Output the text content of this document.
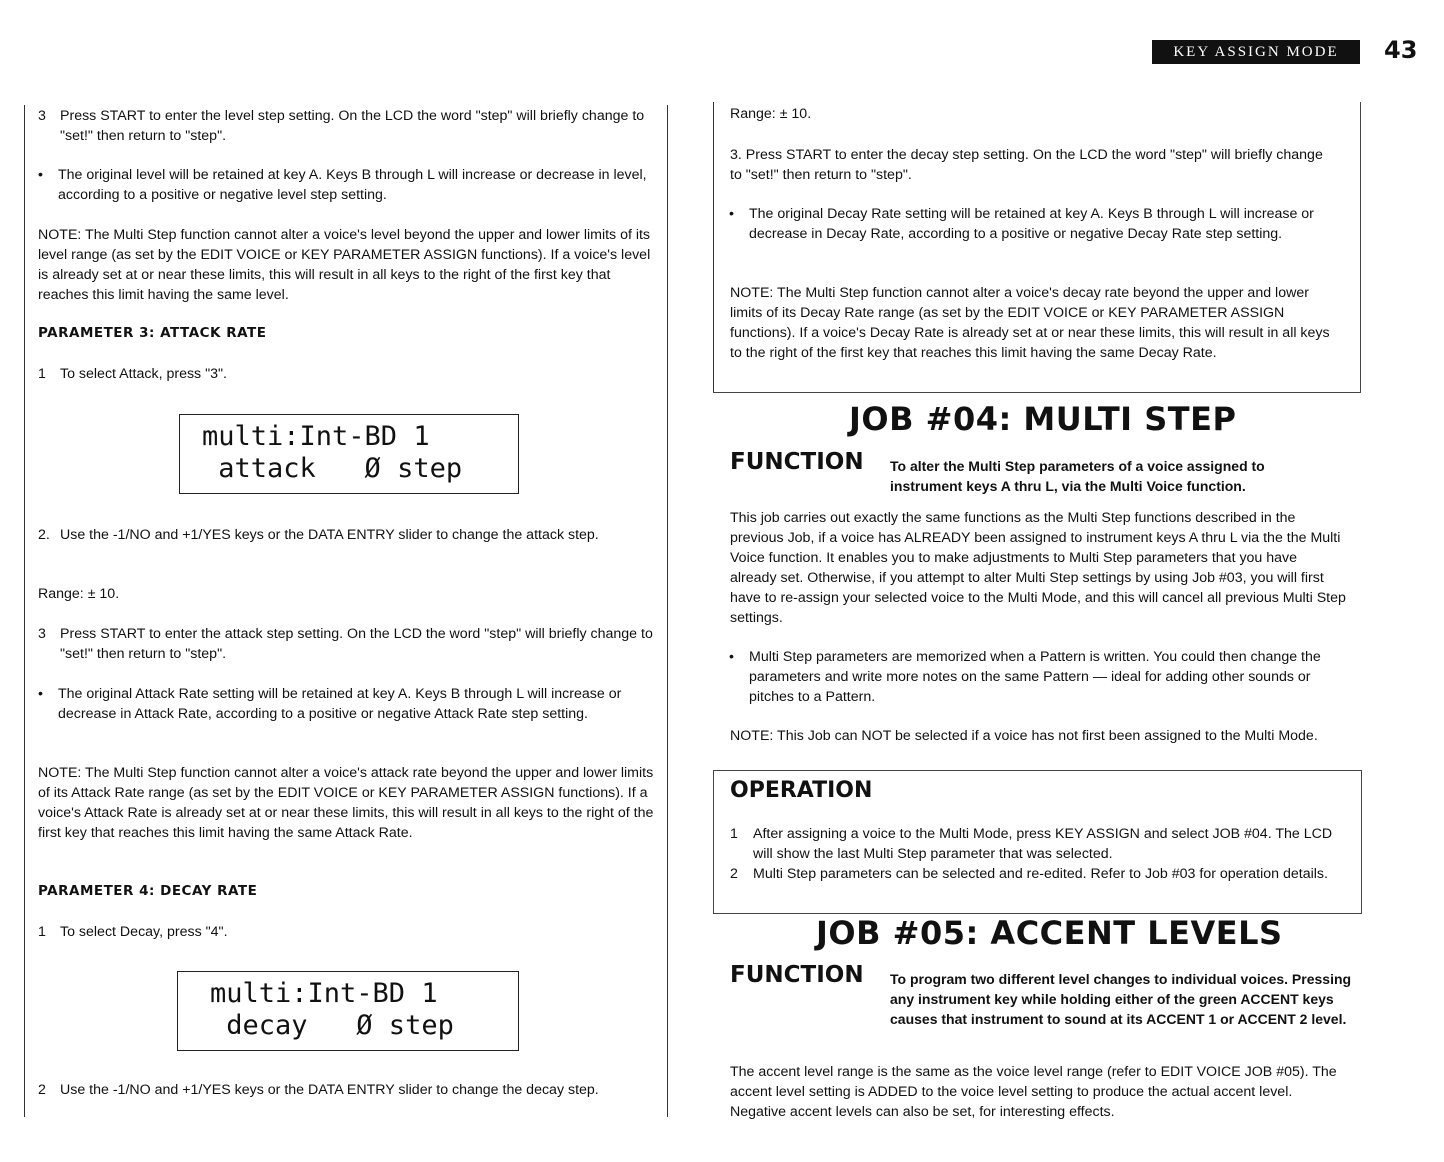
KEY ASSIGN MODE	43
3 Press START to enter the level step setting. On the LCD the word "step" will briefly change to "set!" then return to "step".
• The original level will be retained at key A. Keys B through L will increase or decrease in level, according to a positive or negative level step setting.
NOTE: The Multi Step function cannot alter a voice's level beyond the upper and lower limits of its level range (as set by the EDIT VOICE or KEY PARAMETER ASSIGN functions). If a voice's level is already set at or near these limits, this will result in all keys to the right of the first key that reaches this limit having the same level.
PARAMETER 3: ATTACK RATE
1 To select Attack, press "3".
multi:Int-BD 1
attack   Ø step
2. Use the -1/NO and +1/YES keys or the DATA ENTRY slider to change the attack step.
Range: ± 10.
3 Press START to enter the attack step setting. On the LCD the word "step" will briefly change to "set!" then return to "step".
• The original Attack Rate setting will be retained at key A. Keys B through L will increase or decrease in Attack Rate, according to a positive or negative Attack Rate step setting.
NOTE: The Multi Step function cannot alter a voice's attack rate beyond the upper and lower limits of its Attack Rate range (as set by the EDIT VOICE or KEY PARAMETER ASSIGN functions). If a voice's Attack Rate is already set at or near these limits, this will result in all keys to the right of the first key that reaches this limit having the same Attack Rate.
PARAMETER 4: DECAY RATE
1 To select Decay, press "4".
multi:Int-BD 1
decay   Ø step
2 Use the -1/NO and +1/YES keys or the DATA ENTRY slider to change the decay step.
Range: ± 10.
3. Press START to enter the decay step setting. On the LCD the word "step" will briefly change to "set!" then return to "step".
• The original Decay Rate setting will be retained at key A. Keys B through L will increase or decrease in Decay Rate, according to a positive or negative Decay Rate step setting.
NOTE: The Multi Step function cannot alter a voice's decay rate beyond the upper and lower limits of its Decay Rate range (as set by the EDIT VOICE or KEY PARAMETER ASSIGN functions). If a voice's Decay Rate is already set at or near these limits, this will result in all keys to the right of the first key that reaches this limit having the same Decay Rate.
JOB #04: MULTI STEP
FUNCTION To alter the Multi Step parameters of a voice assigned to instrument keys A thru L, via the Multi Voice function.
This job carries out exactly the same functions as the Multi Step functions described in the previous Job, if a voice has ALREADY been assigned to instrument keys A thru L via the the Multi Voice function. It enables you to make adjustments to Multi Step parameters that you have already set. Otherwise, if you attempt to alter Multi Step settings by using Job #03, you will first have to re-assign your selected voice to the Multi Mode, and this will cancel all previous Multi Step settings.
• Multi Step parameters are memorized when a Pattern is written. You could then change the parameters and write more notes on the same Pattern — ideal for adding other sounds or pitches to a Pattern.
NOTE: This Job can NOT be selected if a voice has not first been assigned to the Multi Mode.
OPERATION
1 After assigning a voice to the Multi Mode, press KEY ASSIGN and select JOB #04. The LCD will show the last Multi Step parameter that was selected.
2 Multi Step parameters can be selected and re-edited. Refer to Job #03 for operation details.
JOB #05: ACCENT LEVELS
FUNCTION To program two different level changes to individual voices. Pressing any instrument key while holding either of the green ACCENT keys causes that instrument to sound at its ACCENT 1 or ACCENT 2 level.
The accent level range is the same as the voice level range (refer to EDIT VOICE JOB #05). The accent level setting is ADDED to the voice level setting to produce the actual accent level. Negative accent levels can also be set, for interesting effects.
